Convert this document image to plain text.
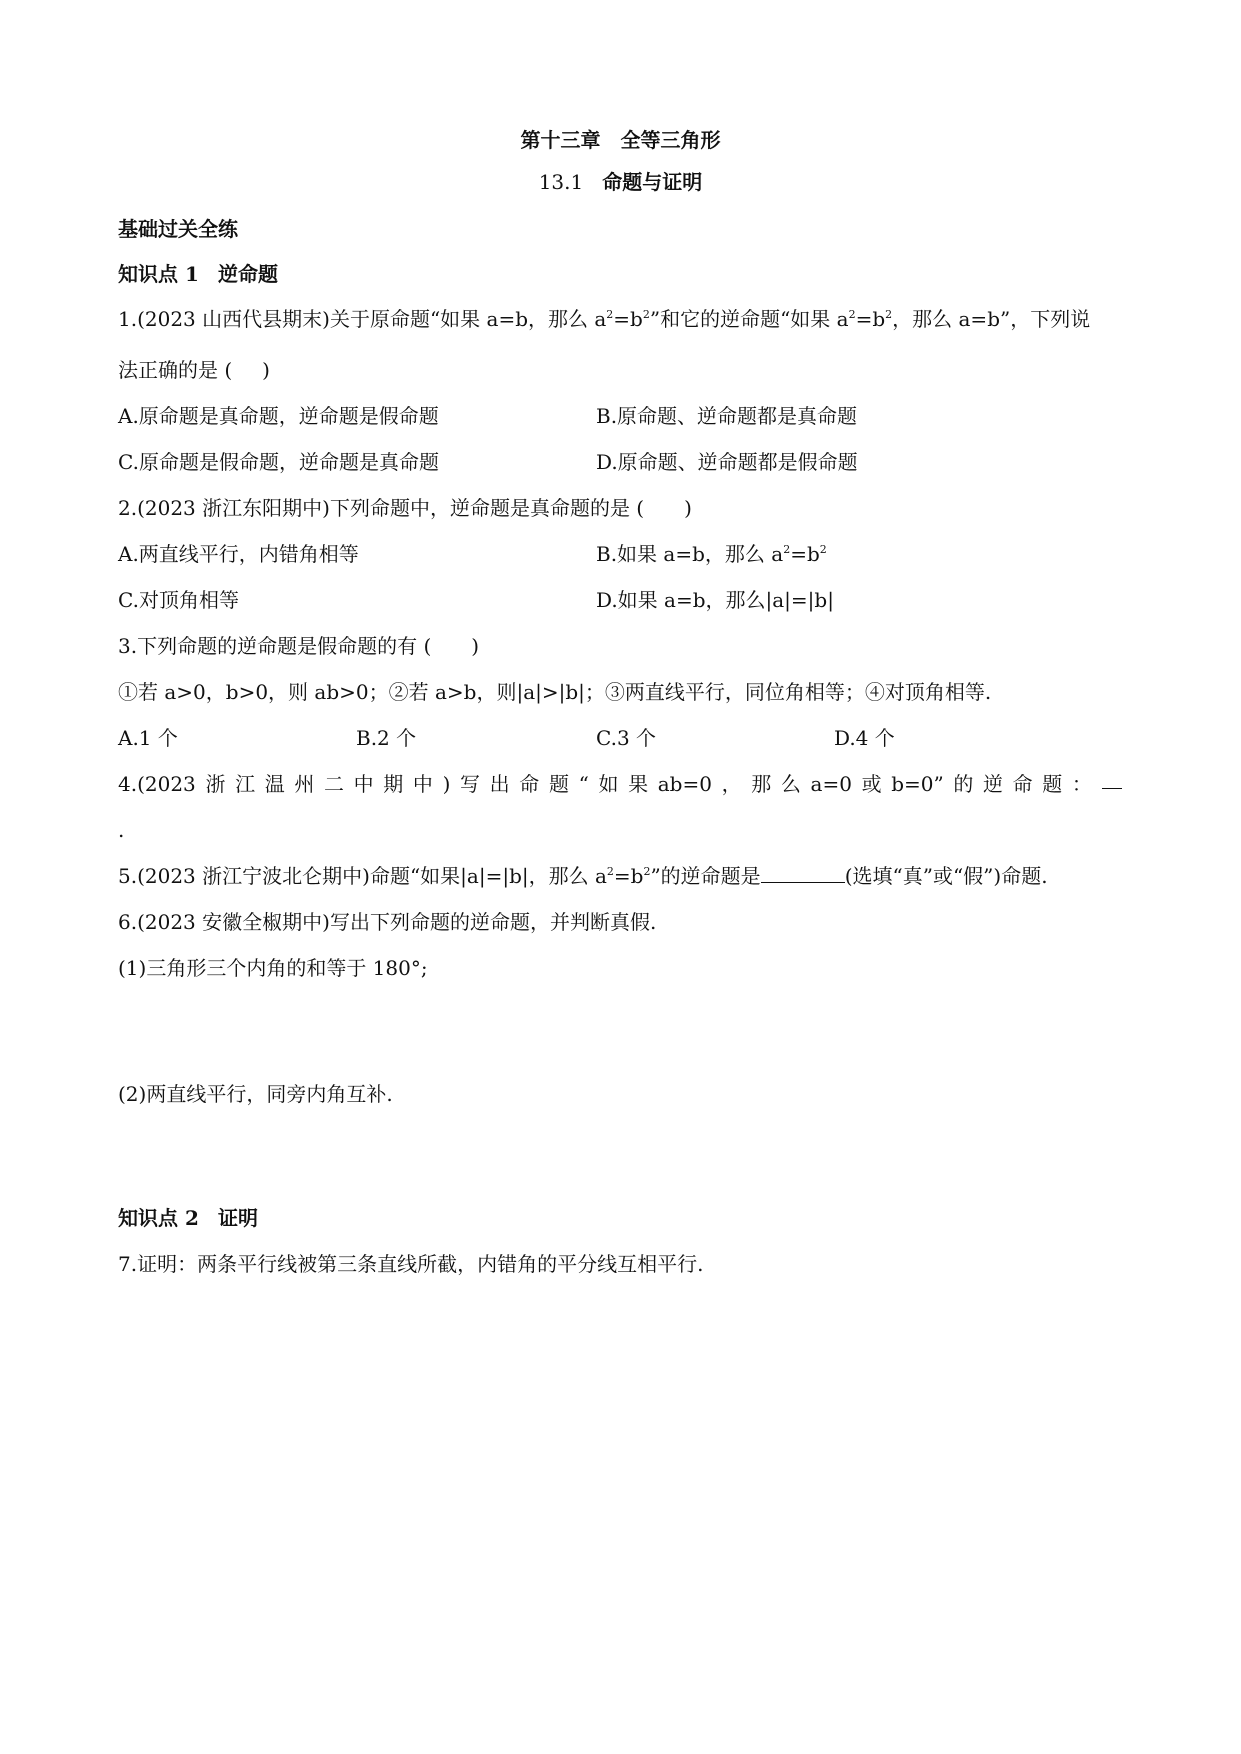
第十三章　全等三角形
13.1 命题与证明
基础过关全练
知识点 1 逆命题
1.(2023 山西代县期末)关于原命题“如果 a=b，那么 $a^2=b^2$”和它的逆命题“如果 $a^2=b^2$，那么 a=b”，下列说
法正确的是 ( )
A.原命题是真命题，逆命题是假命题	B.原命题、逆命题都是真命题
C.原命题是假命题，逆命题是真命题	D.原命题、逆命题都是假命题
2.(2023 浙江东阳期中)下列命题中，逆命题是真命题的是 ( )
A.两直线平行，内错角相等	B.如果 a=b，那么 $a^2=b^2$
C.对顶角相等	D.如果 a=b，那么|a|=|b|
3.下列命题的逆命题是假命题的有 ( )
①若 a>0，b>0，则 ab>0；②若 a>b，则|a|>|b|；③两直线平行，同位角相等；④对顶角相等.
A.1 个	B.2 个	C.3 个	D.4 个
4.(2023 浙 江 温 州 二 中 期 中 ) 写 出 命 题 “ 如 果 ab=0 ， 那 么 a=0 或 b=0” 的 逆 命 题 ：
.
5.(2023 浙江宁波北仑期中)命题“如果|a|=|b|，那么 $a^2=b^2$”的逆命题是	(选填“真”或“假”)命题.
6.(2023 安徽全椒期中)写出下列命题的逆命题，并判断真假.
(1)三角形三个内角的和等于 180°;
(2)两直线平行，同旁内角互补.
知识点 2 证明
7.证明：两条平行线被第三条直线所截，内错角的平分线互相平行.
